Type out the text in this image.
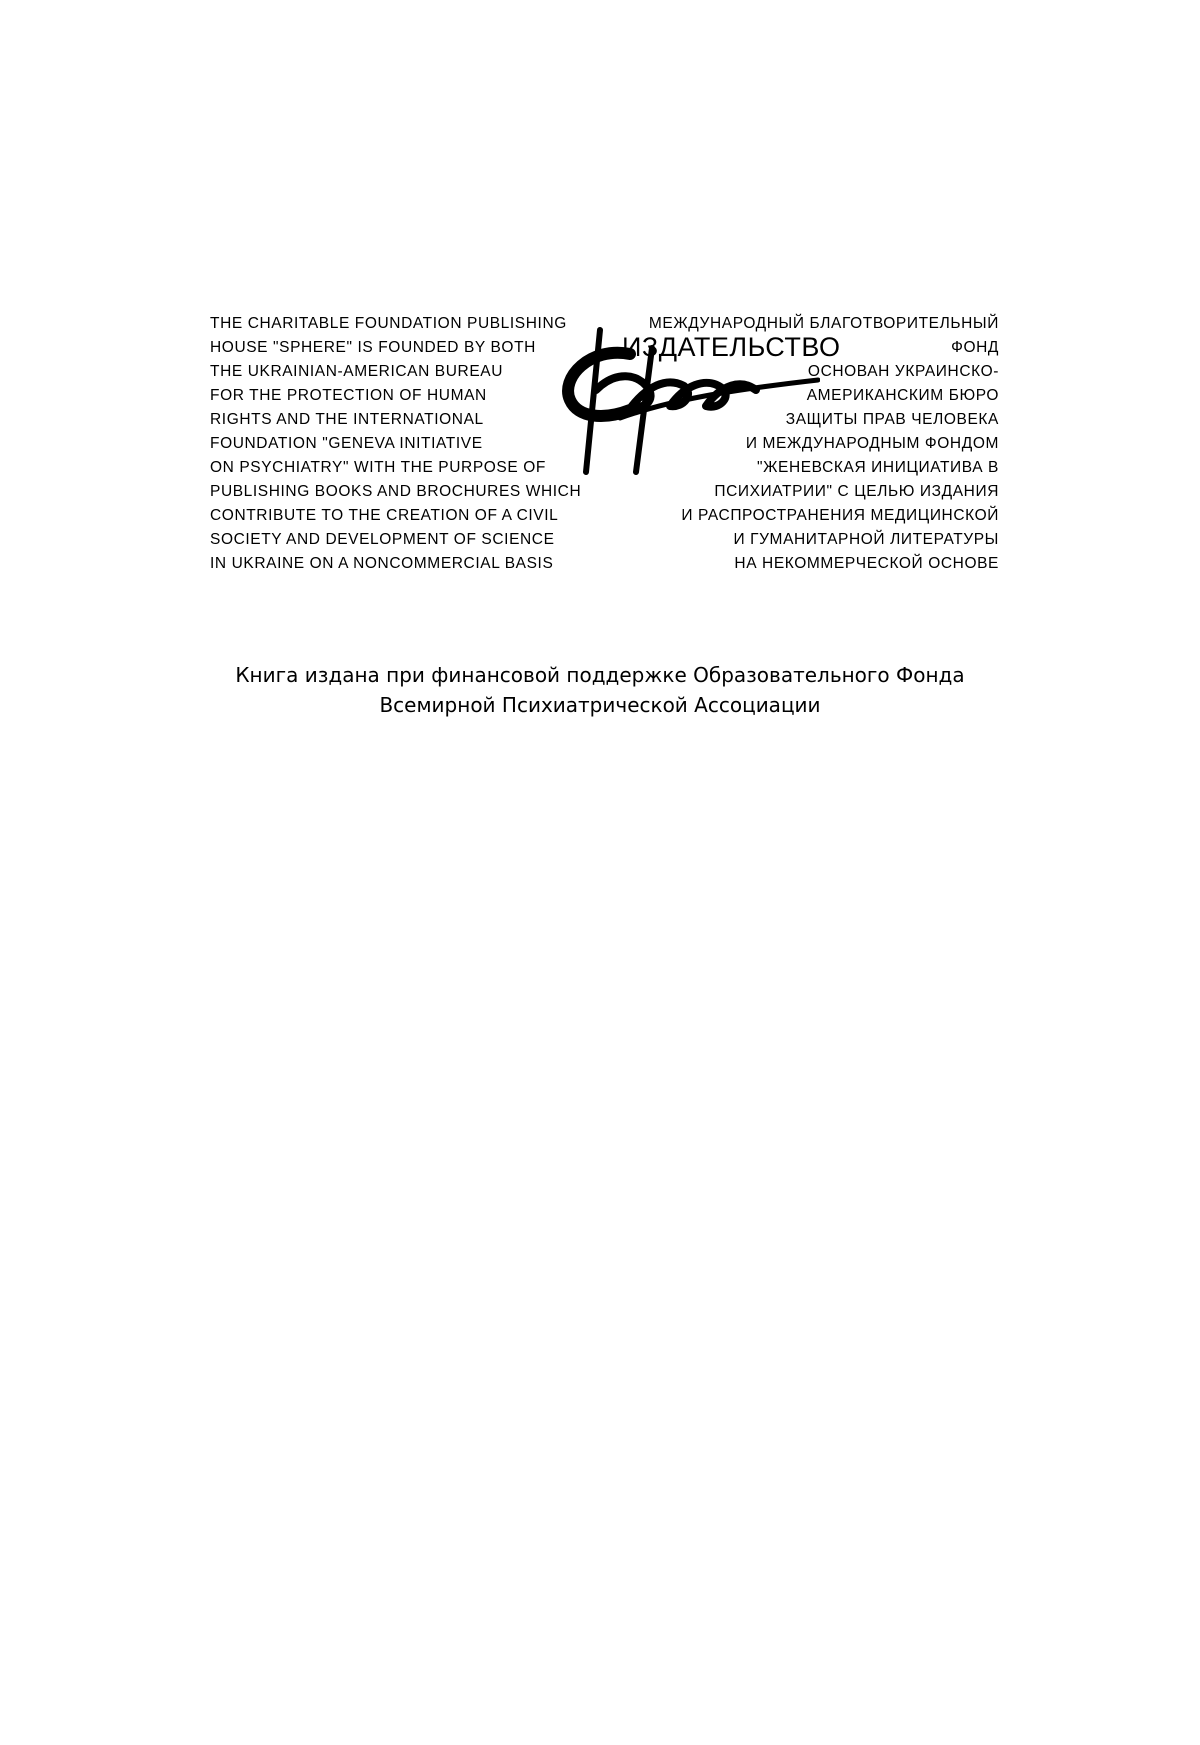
THE CHARITABLE FOUNDATION PUBLISHING
HOUSE "SPHERE" IS FOUNDED BY BOTH
THE UKRAINIAN-AMERICAN BUREAU
FOR THE PROTECTION OF HUMAN
RIGHTS AND THE INTERNATIONAL
FOUNDATION "GENEVA INITIATIVE
ON PSYCHIATRY" WITH THE PURPOSE OF
PUBLISHING BOOKS AND BROCHURES WHICH
CONTRIBUTE TO THE CREATION OF A CIVIL
SOCIETY AND DEVELOPMENT OF SCIENCE
IN UKRAINE ON A NONCOMMERCIAL BASIS
ИЗДАТЕЛЬСТВО
МЕЖДУНАРОДНЫЙ БЛАГОТВОРИТЕЛЬНЫЙ
ФОНД
ОСНОВАН УКРАИНСКО-
АМЕРИКАНСКИМ БЮРО
ЗАЩИТЫ ПРАВ ЧЕЛОВЕКА
И МЕЖДУНАРОДНЫМ ФОНДОМ
"ЖЕНЕВСКАЯ ИНИЦИАТИВА В
ПСИХИАТРИИ" С ЦЕЛЬЮ ИЗДАНИЯ
И РАСПРОСТРАНЕНИЯ МЕДИЦИНСКОЙ
И ГУМАНИТАРНОЙ ЛИТЕРАТУРЫ
НА НЕКОММЕРЧЕСКОЙ ОСНОВЕ

Книга издана при финансовой поддержке Образовательного Фонда
Всемирной Психиатрической Ассоциации
